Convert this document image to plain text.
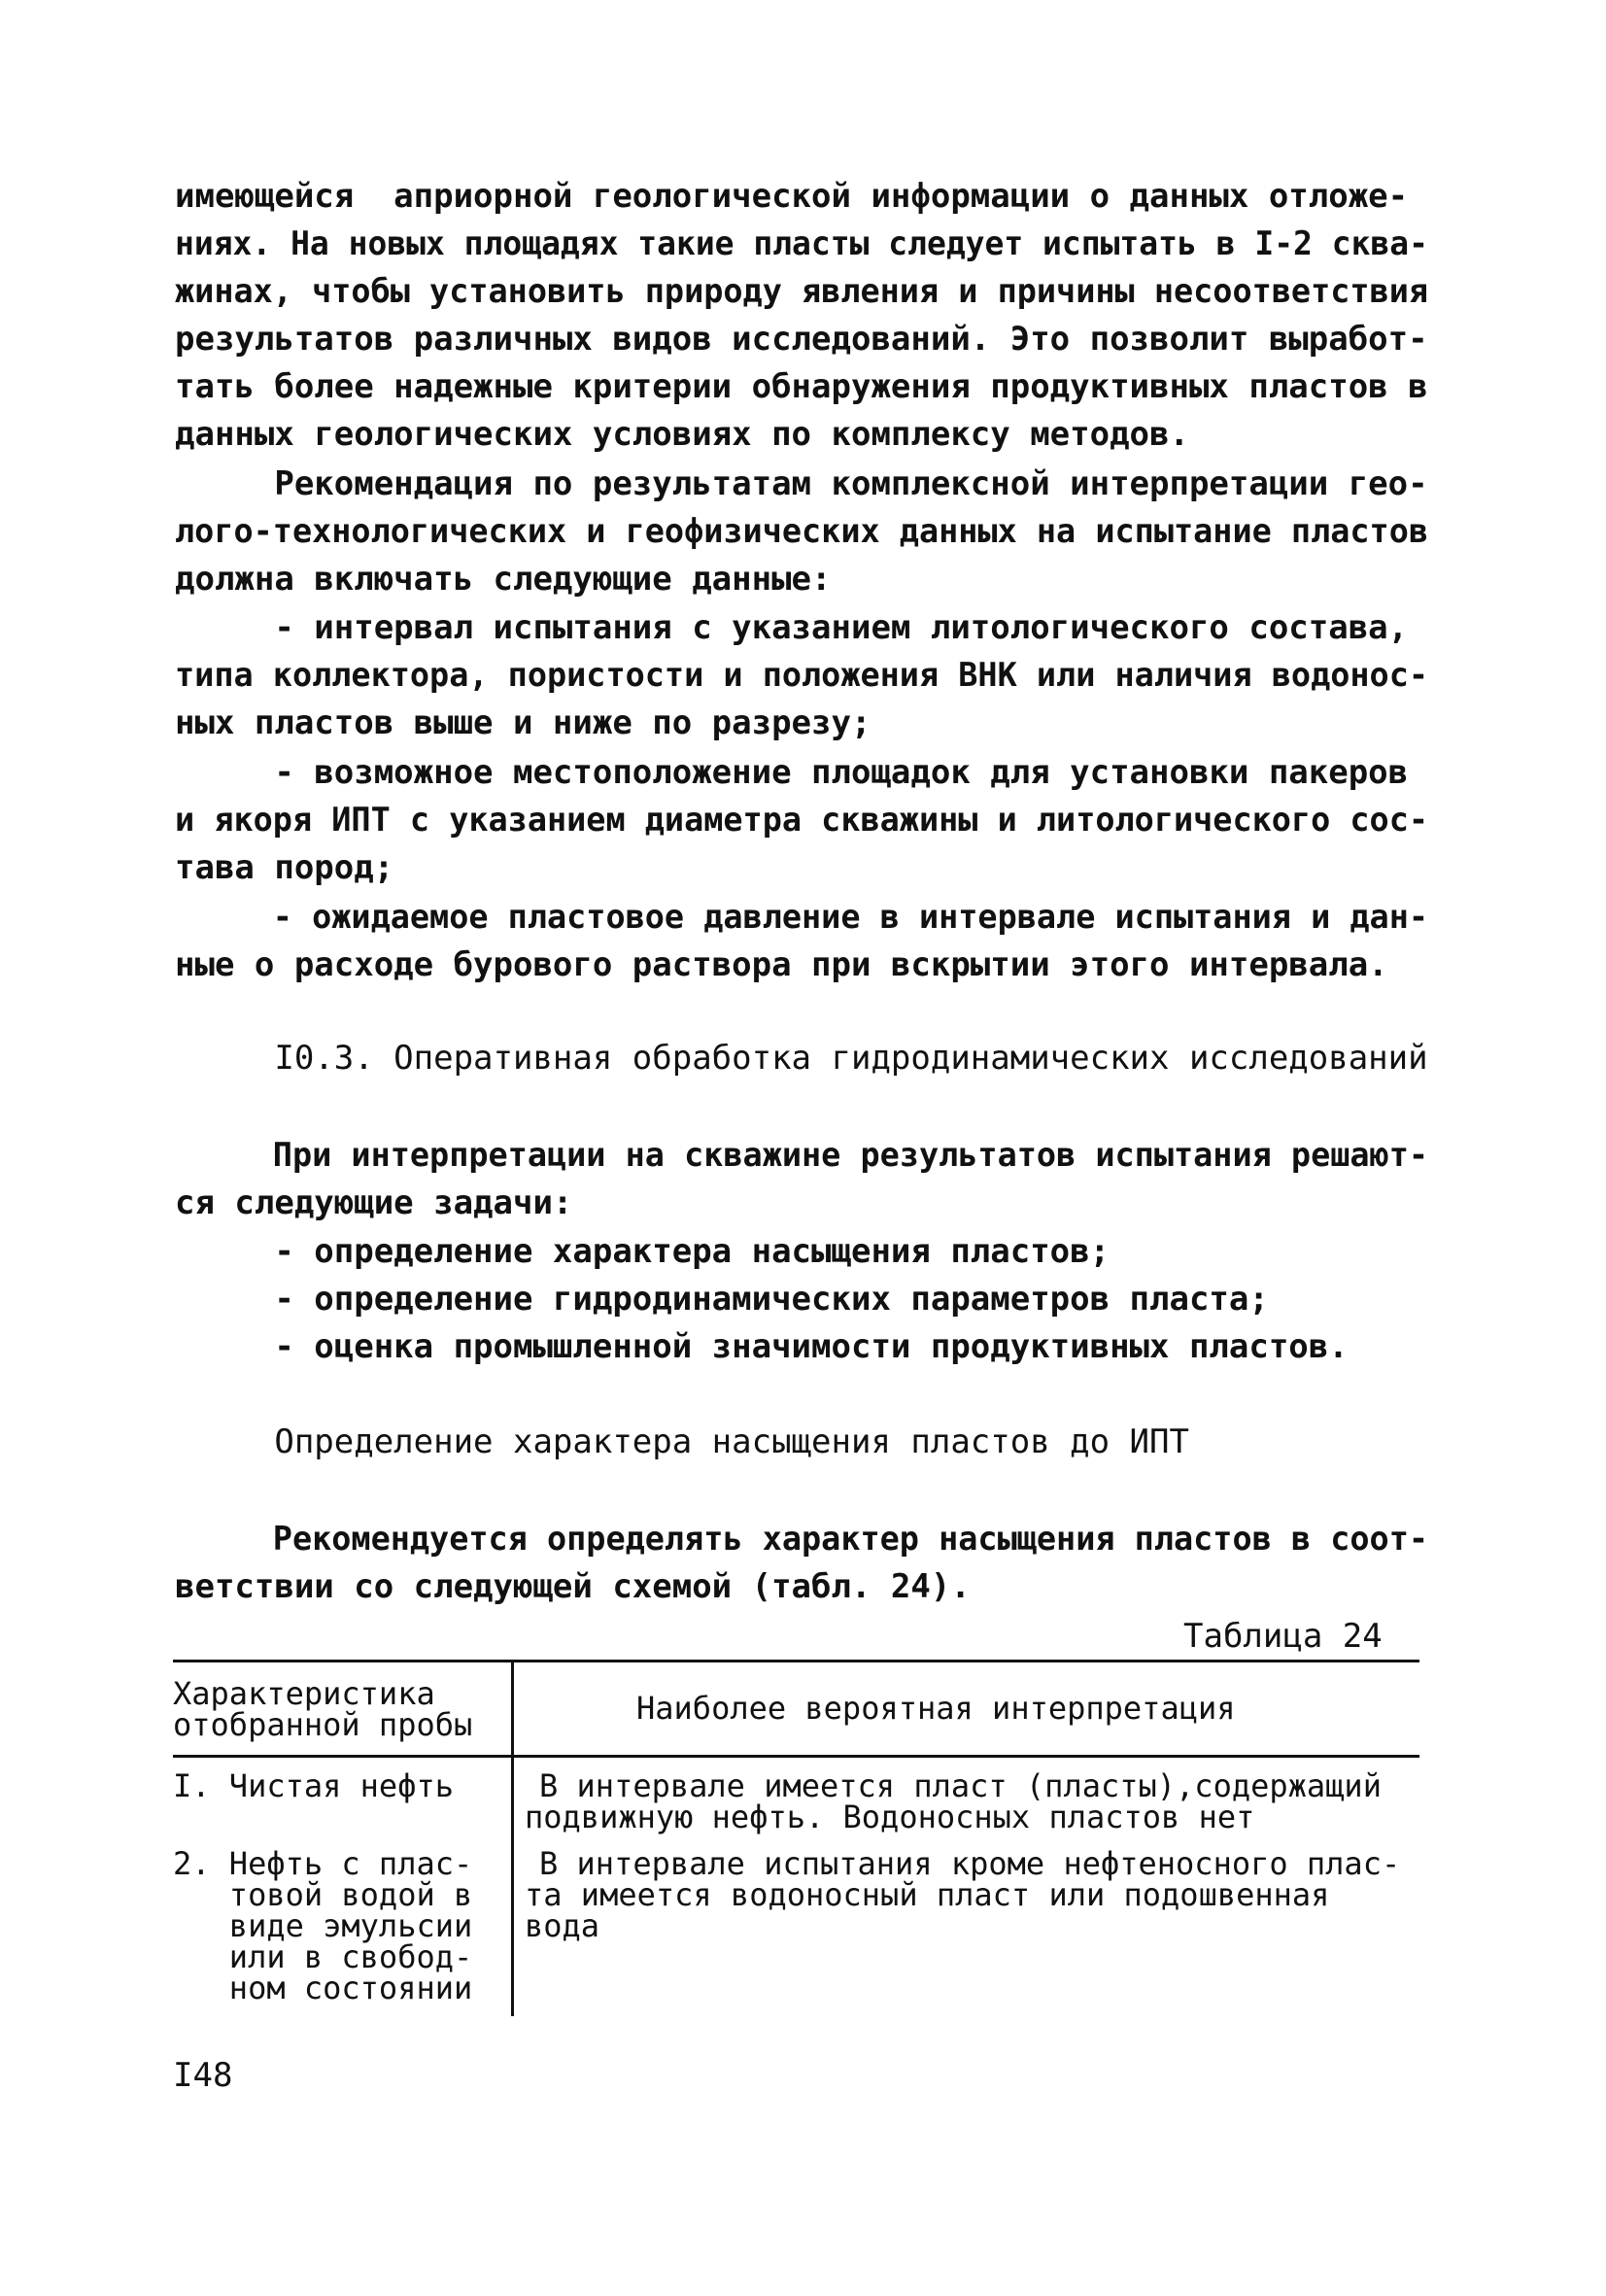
имеющейся  априорной геологической информации о данных отложе-
ниях. На новых площадях такие пласты следует испытать в I-2 сква-
жинах, чтобы установить природу явления и причины несоответствия
результатов различных видов исследований. Это позволит выработ-
тать более надежные критерии обнаружения продуктивных пластов в
данных геологических условиях по комплексу методов.
Рекомендация по результатам комплексной интерпретации гео-
лого-технологических и геофизических данных на испытание пластов
должна включать следующие данные:
- интервал испытания с указанием литологического состава,
типа коллектора, пористости и положения ВНК или наличия водонос-
ных пластов выше и ниже по разрезу;
- возможное местоположение площадок для установки пакеров
и якоря ИПТ с указанием диаметра скважины и литологического сос-
тава пород;
- ожидаемое пластовое давление в интервале испытания и дан-
ные о расходе бурового раствора при вскрытии этого интервала.
I0.3. Оперативная обработка гидродинамических исследований
При интерпретации на скважине результатов испытания решают-
ся следующие задачи:
- определение характера насыщения пластов;
- определение гидродинамических параметров пласта;
- оценка промышленной значимости продуктивных пластов.
Определение характера насыщения пластов до ИПТ
Рекомендуется определять характер насыщения пластов в соот-
ветствии со следующей схемой (табл. 24).
Таблица 24
Характеристика
отобранной пробы	Наиболее вероятная интерпретация
I. Чистая нефть	В интервале имеется пласт (пласты),содержащий
подвижную нефть. Водоносных пластов нет
2. Нефть с плас-
товой водой в
виде эмульсии
или в свобод-
ном состоянии
В интервале испытания кроме нефтеносного плас-
та имеется водоносный пласт или подошвенная
вода
I48
